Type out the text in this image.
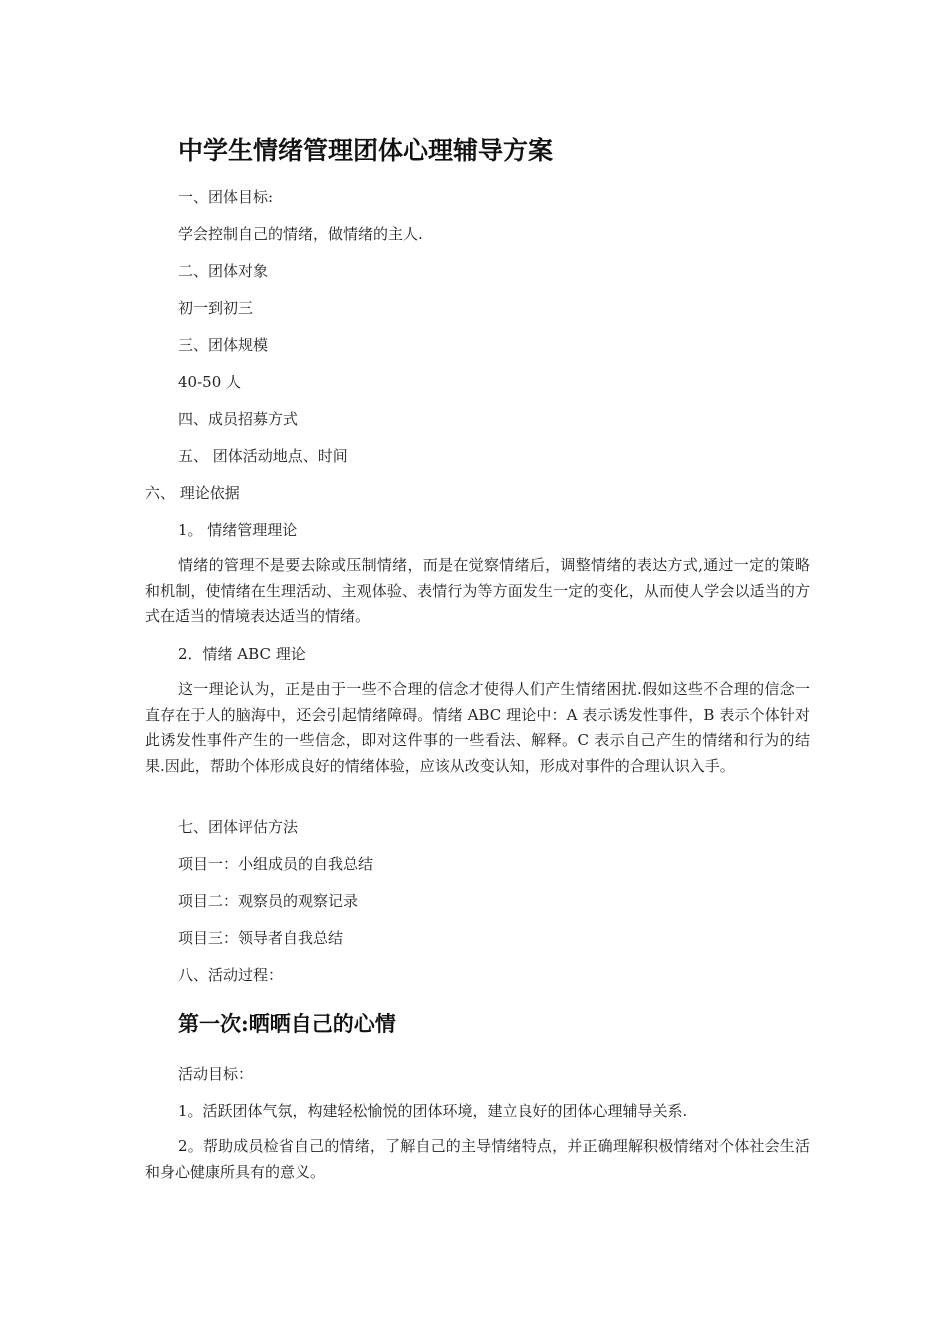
中学生情绪管理团体心理辅导方案

一、团体目标:

学会控制自己的情绪，做情绪的主人.

二、团体对象

初一到初三

三、团体规模

40-50 人

四、成员招募方式

五、 团体活动地点、时间

六、 理论依据

1。 情绪管理理论

情绪的管理不是要去除或压制情绪，而是在觉察情绪后，调整情绪的表达方式,通过一定的策略和机制，使情绪在生理活动、主观体验、表情行为等方面发生一定的变化，从而使人学会以适当的方式在适当的情境表达适当的情绪。

2．情绪 ABC 理论

这一理论认为，正是由于一些不合理的信念才使得人们产生情绪困扰.假如这些不合理的信念一直存在于人的脑海中，还会引起情绪障碍。情绪 ABC 理论中：A 表示诱发性事件，B 表示个体针对此诱发性事件产生的一些信念，即对这件事的一些看法、解释。C 表示自己产生的情绪和行为的结果.因此，帮助个体形成良好的情绪体验，应该从改变认知，形成对事件的合理认识入手。

七、团体评估方法

项目一：小组成员的自我总结

项目二：观察员的观察记录

项目三：领导者自我总结

八、活动过程：

第一次:晒晒自己的心情

活动目标：

1。活跃团体气氛，构建轻松愉悦的团体环境，建立良好的团体心理辅导关系.

2。帮助成员检省自己的情绪，了解自己的主导情绪特点，并正确理解积极情绪对个体社会生活和身心健康所具有的意义。
